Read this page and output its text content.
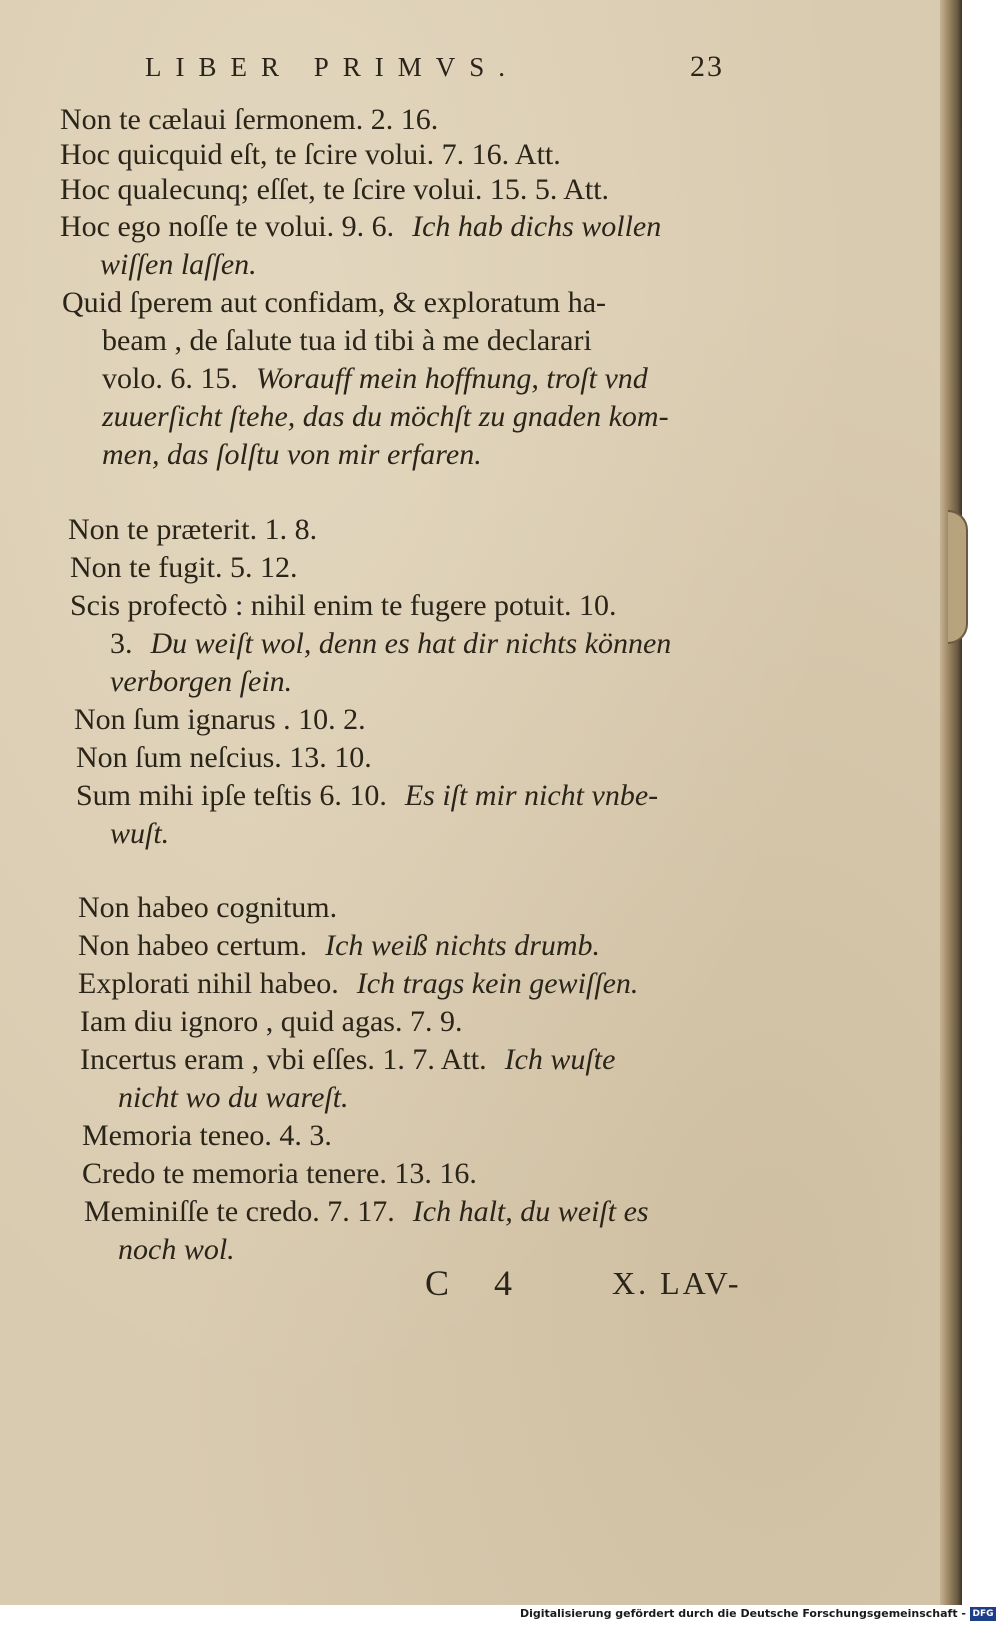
LIBER PRIMVS.	23
Non te cælaui ſermonem. 2. 16.
Hoc quicquid eſt, te ſcire volui. 7. 16. Att.
Hoc qualecunq; eſſet, te ſcire volui. 15. 5. Att.
Hoc ego noſſe te volui. 9. 6. Ich hab dichs wollen
wiſſen laſſen.
Quid ſperem aut confidam, & exploratum ha-
beam , de ſalute tua id tibi à me declarari
volo. 6. 15. Worauff mein hoffnung, troſt vnd
zuuerſicht ſtehe, das du möchſt zu gnaden kom-
men, das ſolſtu von mir erfaren.
Non te præterit. 1. 8.
Non te fugit. 5. 12.
Scis profectò : nihil enim te fugere potuit. 10.
3. Du weiſt wol, denn es hat dir nichts können
verborgen ſein.
Non ſum ignarus . 10. 2.
Non ſum neſcius. 13. 10.
Sum mihi ipſe teſtis 6. 10. Es iſt mir nicht vnbe-
wuſt.
Non habeo cognitum.
Non habeo certum. Ich weiß nichts drumb.
Explorati nihil habeo. Ich trags kein gewiſſen.
Iam diu ignoro , quid agas. 7. 9.
Incertus eram , vbi eſſes. 1. 7. Att. Ich wuſte
nicht wo du wareſt.
Memoria teneo. 4. 3.
Credo te memoria tenere. 13. 16.
Meminiſſe te credo. 7. 17. Ich halt, du weiſt es
noch wol.
C 4	X. LAV-
Digitalisierung gefördert durch die Deutsche Forschungsgemeinschaft - DFG
